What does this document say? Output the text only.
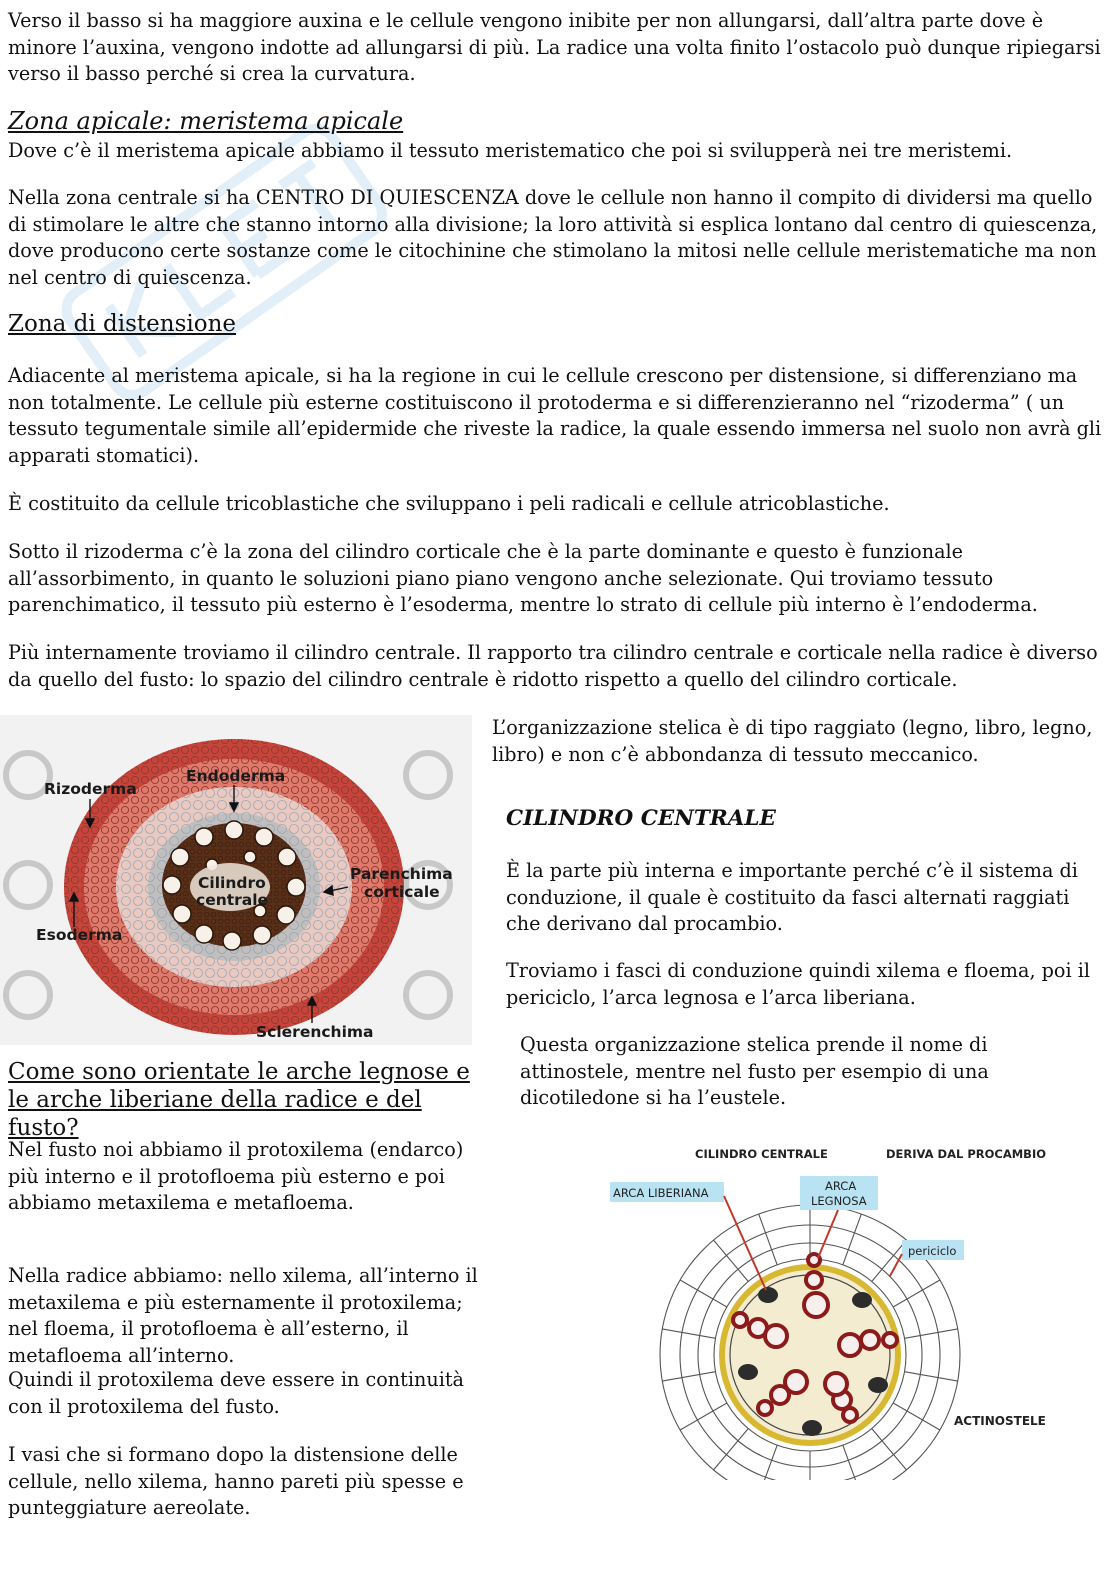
Verso il basso si ha maggiore auxina e le cellule vengono inibite per non allungarsi, dall’altra parte dove è minore l’auxina, vengono indotte ad allungarsi di più. La radice una volta finito l’ostacolo può dunque ripiegarsi verso il basso perché si crea la curvatura.

Zona apicale: meristema apicale

Dove c’è il meristema apicale abbiamo il tessuto meristematico che poi si svilupperà nei tre meristemi.

Nella zona centrale si ha CENTRO DI QUIESCENZA dove le cellule non hanno il compito di dividersi ma quello di stimolare le altre che stanno intorno alla divisione; la loro attività si esplica lontano dal centro di quiescenza, dove producono certe sostanze come le citochinine che stimolano la mitosi nelle cellule meristematiche ma non nel centro di quiescenza.

Zona di distensione

Adiacente al meristema apicale, si ha la regione in cui le cellule crescono per distensione, si differenziano ma non totalmente. Le cellule più esterne costituiscono il protoderma e si differenzieranno nel “rizoderma” ( un tessuto tegumentale simile all’epidermide che riveste la radice, la quale essendo immersa nel suolo non avrà gli apparati stomatici).

È costituito da cellule tricoblastiche che sviluppano i peli radicali e cellule atricoblastiche.

Sotto il rizoderma c’è la zona del cilindro corticale che è la parte dominante e questo è funzionale all’assorbimento, in quanto le soluzioni piano piano vengono anche selezionate. Qui troviamo tessuto parenchimatico, il tessuto più esterno è l’esoderma, mentre lo strato di cellule più interno è l’endoderma.

Più internamente troviamo il cilindro centrale. Il rapporto tra cilindro centrale e corticale nella radice è diverso da quello del fusto: lo spazio del cilindro centrale è ridotto rispetto a quello del cilindro corticale.

L’organizzazione stelica è di tipo raggiato (legno, libro, legno, libro) e non c’è abbondanza di tessuto meccanico.

CILINDRO CENTRALE

È la parte più interna e importante perché c’è il sistema di conduzione, il quale è costituito da fasci alternati raggiati che derivano dal procambio.

Troviamo i fasci di conduzione quindi xilema e floema, poi il periciclo, l’arca legnosa e l’arca liberiana.

Questa organizzazione stelica prende il nome di attinostele, mentre nel fusto per esempio di una dicotiledone si ha l’eustele.

Come sono orientate le arche legnose e le arche liberiane della radice e del fusto?

Nel fusto noi abbiamo il protoxilema (endarco) più interno e il protofloema più esterno e poi abbiamo metaxilema e metafloema.

Nella radice abbiamo: nello xilema, all’interno il metaxilema e più esternamente il protoxilema; nel floema, il protofloema è all’esterno, il metafloema all’interno.

Quindi il protoxilema deve essere in continuità con il protoxilema del fusto.

I vasi che si formano dopo la distensione delle cellule, nello xilema, hanno pareti più spesse e punteggiature aereolate.

Rizoderma
Endoderma
Cilindro
centrale
Parenchima
corticale
Esoderma
Sclerenchima
CILINDRO CENTRALE	DERIVA DAL PROCAMBIO
ARCA LIBERIANA	ARCA
LEGNOSA
periciclo
ACTINOSTELE
